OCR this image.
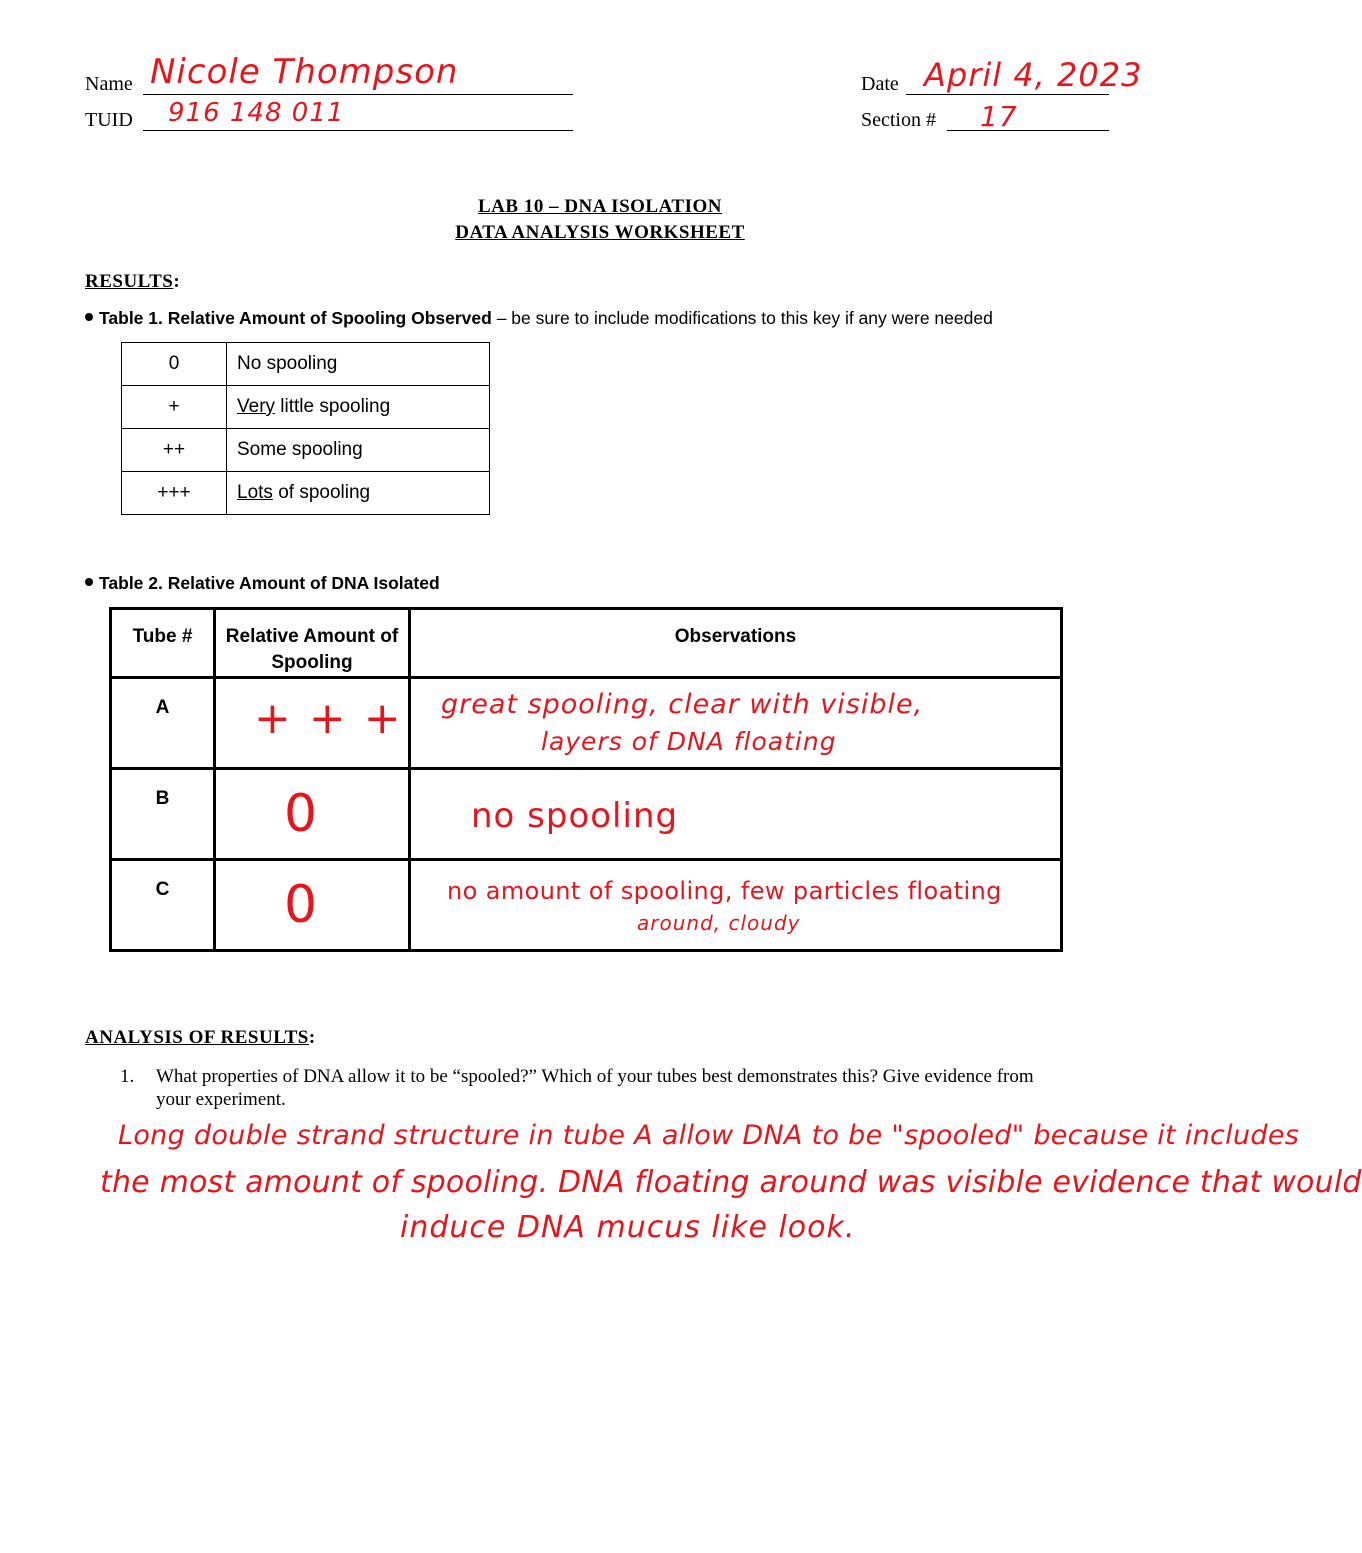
Name Nicole Thompson
TUID 916 148 011
Date April 4, 2023
Section # 17
LAB 10 – DNA ISOLATION
DATA ANALYSIS WORKSHEET
RESULTS:
Table 1. Relative Amount of Spooling Observed – be sure to include modifications to this key if any were needed
0	No spooling
+	Very little spooling
++	Some spooling
+++	Lots of spooling
Table 2. Relative Amount of DNA Isolated
Tube #	Relative Amount of Spooling	Observations
A	+ + +	great spooling, clear with visible,
layers of DNA floating

B	0	no spooling

C	0	no amount of spooling, few particles floating
around, cloudy
ANALYSIS OF RESULTS:
1. What properties of DNA allow it to be “spooled?” Which of your tubes best demonstrates this? Give evidence from your experiment.
Long double strand structure in tube A allow DNA to be "spooled" because it includes
the most amount of spooling. DNA floating around was visible evidence that would
induce DNA mucus like look.
